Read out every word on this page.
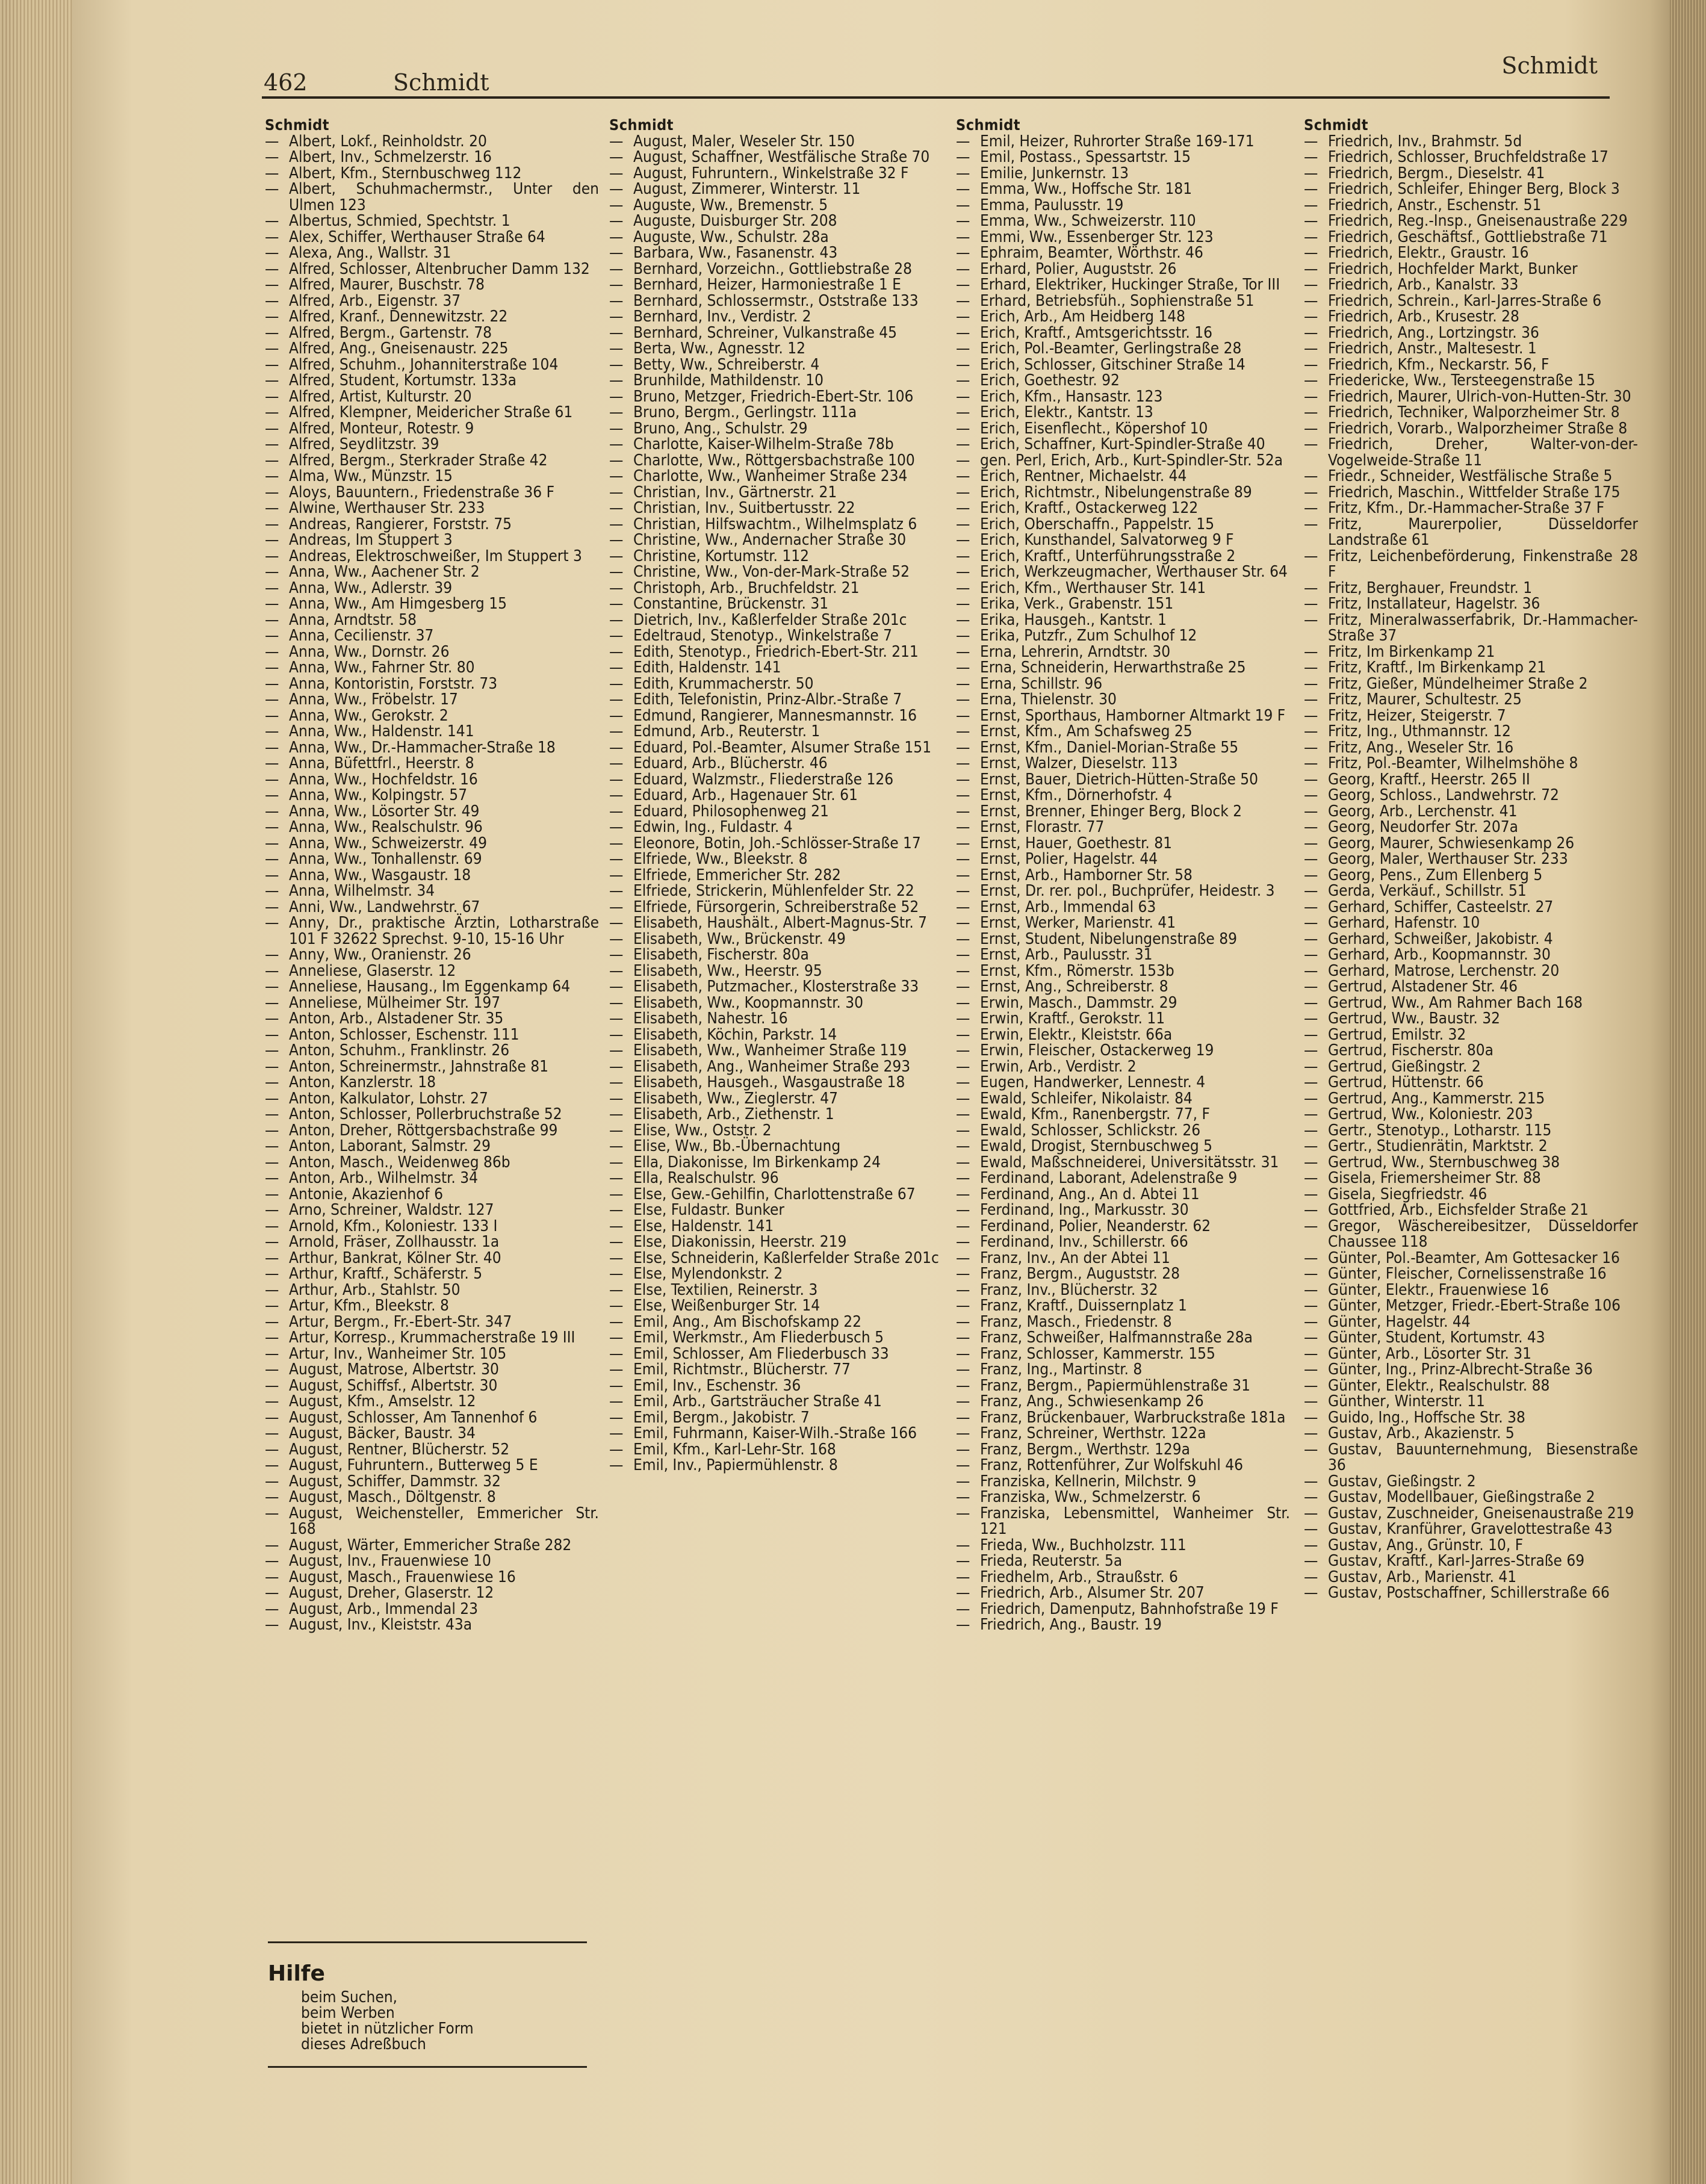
462	Schmidt
Schmidt
Schmidt
— Albert, Lokf., Reinholdstr. 20
— Albert, Inv., Schmelzerstr. 16
— Albert, Kfm., Sternbuschweg 112
— Albert, Schuhmachermstr., Unter den Ulmen 123
— Albertus, Schmied, Spechtstr. 1
— Alex, Schiffer, Werthauser Straße 64
— Alexa, Ang., Wallstr. 31
— Alfred, Schlosser, Altenbrucher Damm 132
— Alfred, Maurer, Buschstr. 78
— Alfred, Arb., Eigenstr. 37
— Alfred, Kranf., Dennewitzstr. 22
— Alfred, Bergm., Gartenstr. 78
— Alfred, Ang., Gneisenaustr. 225
— Alfred, Schuhm., Johanniterstraße 104
— Alfred, Student, Kortumstr. 133a
— Alfred, Artist, Kulturstr. 20
— Alfred, Klempner, Meidericher Straße 61
— Alfred, Monteur, Rotestr. 9
— Alfred, Seydlitzstr. 39
— Alfred, Bergm., Sterkrader Straße 42
— Alma, Ww., Münzstr. 15
— Aloys, Bauuntern., Friedenstraße 36 F
— Alwine, Werthauser Str. 233
— Andreas, Rangierer, Forststr. 75
— Andreas, Im Stuppert 3
— Andreas, Elektroschweißer, Im Stuppert 3
— Anna, Ww., Aachener Str. 2
— Anna, Ww., Adlerstr. 39
— Anna, Ww., Am Himgesberg 15
— Anna, Arndtstr. 58
— Anna, Cecilienstr. 37
— Anna, Ww., Dornstr. 26
— Anna, Ww., Fahrner Str. 80
— Anna, Kontoristin, Forststr. 73
— Anna, Ww., Fröbelstr. 17
— Anna, Ww., Gerokstr. 2
— Anna, Ww., Haldenstr. 141
— Anna, Ww., Dr.-Hammacher-Straße 18
— Anna, Büfettfrl., Heerstr. 8
— Anna, Ww., Hochfeldstr. 16
— Anna, Ww., Kolpingstr. 57
— Anna, Ww., Lösorter Str. 49
— Anna, Ww., Realschulstr. 96
— Anna, Ww., Schweizerstr. 49
— Anna, Ww., Tonhallenstr. 69
— Anna, Ww., Wasgaustr. 18
— Anna, Wilhelmstr. 34
— Anni, Ww., Landwehrstr. 67
— Anny, Dr., praktische Ärztin, Lotharstraße 101 F 32622 Sprechst. 9-10, 15-16 Uhr
— Anny, Ww., Oranienstr. 26
— Anneliese, Glaserstr. 12
— Anneliese, Hausang., Im Eggenkamp 64
— Anneliese, Mülheimer Str. 197
— Anton, Arb., Alstadener Str. 35
— Anton, Schlosser, Eschenstr. 111
— Anton, Schuhm., Franklinstr. 26
— Anton, Schreinermstr., Jahnstraße 81
— Anton, Kanzlerstr. 18
— Anton, Kalkulator, Lohstr. 27
— Anton, Schlosser, Pollerbruchstraße 52
— Anton, Dreher, Röttgersbachstraße 99
— Anton, Laborant, Salmstr. 29
— Anton, Masch., Weidenweg 86b
— Anton, Arb., Wilhelmstr. 34
— Antonie, Akazienhof 6
— Arno, Schreiner, Waldstr. 127
— Arnold, Kfm., Koloniestr. 133 I
— Arnold, Fräser, Zollhausstr. 1a
— Arthur, Bankrat, Kölner Str. 40
— Arthur, Kraftf., Schäferstr. 5
— Arthur, Arb., Stahlstr. 50
— Artur, Kfm., Bleekstr. 8
— Artur, Bergm., Fr.-Ebert-Str. 347
— Artur, Korresp., Krummacherstraße 19 III
— Artur, Inv., Wanheimer Str. 105
— August, Matrose, Albertstr. 30
— August, Schiffsf., Albertstr. 30
— August, Kfm., Amselstr. 12
— August, Schlosser, Am Tannenhof 6
— August, Bäcker, Baustr. 34
— August, Rentner, Blücherstr. 52
— August, Fuhruntern., Butterweg 5 E
— August, Schiffer, Dammstr. 32
— August, Masch., Döltgenstr. 8
— August, Weichensteller, Emmericher Str. 168
— August, Wärter, Emmericher Straße 282
— August, Inv., Frauenwiese 10
— August, Masch., Frauenwiese 16
— August, Dreher, Glaserstr. 12
— August, Arb., Immendal 23
— August, Inv., Kleiststr. 43a
Schmidt
— August, Maler, Weseler Str. 150
— August, Schaffner, Westfälische Straße 70
— August, Fuhruntern., Winkelstraße 32 F
— August, Zimmerer, Winterstr. 11
— Auguste, Ww., Bremenstr. 5
— Auguste, Duisburger Str. 208
— Auguste, Ww., Schulstr. 28a
— Barbara, Ww., Fasanenstr. 43
— Bernhard, Vorzeichn., Gottliebstraße 28
— Bernhard, Heizer, Harmoniestraße 1 E
— Bernhard, Schlossermstr., Oststraße 133
— Bernhard, Inv., Verdistr. 2
— Bernhard, Schreiner, Vulkanstraße 45
— Berta, Ww., Agnesstr. 12
— Betty, Ww., Schreiberstr. 4
— Brunhilde, Mathildenstr. 10
— Bruno, Metzger, Friedrich-Ebert-Str. 106
— Bruno, Bergm., Gerlingstr. 111a
— Bruno, Ang., Schulstr. 29
— Charlotte, Kaiser-Wilhelm-Straße 78b
— Charlotte, Ww., Röttgersbachstraße 100
— Charlotte, Ww., Wanheimer Straße 234
— Christian, Inv., Gärtnerstr. 21
— Christian, Inv., Suitbertusstr. 22
— Christian, Hilfswachtm., Wilhelmsplatz 6
— Christine, Ww., Andernacher Straße 30
— Christine, Kortumstr. 112
— Christine, Ww., Von-der-Mark-Straße 52
— Christoph, Arb., Bruchfeldstr. 21
— Constantine, Brückenstr. 31
— Dietrich, Inv., Kaßlerfelder Straße 201c
— Edeltraud, Stenotyp., Winkelstraße 7
— Edith, Stenotyp., Friedrich-Ebert-Str. 211
— Edith, Haldenstr. 141
— Edith, Krummacherstr. 50
— Edith, Telefonistin, Prinz-Albr.-Straße 7
— Edmund, Rangierer, Mannesmannstr. 16
— Edmund, Arb., Reuterstr. 1
— Eduard, Pol.-Beamter, Alsumer Straße 151
— Eduard, Arb., Blücherstr. 46
— Eduard, Walzmstr., Fliederstraße 126
— Eduard, Arb., Hagenauer Str. 61
— Eduard, Philosophenweg 21
— Edwin, Ing., Fuldastr. 4
— Eleonore, Botin, Joh.-Schlösser-Straße 17
— Elfriede, Ww., Bleekstr. 8
— Elfriede, Emmericher Str. 282
— Elfriede, Strickerin, Mühlenfelder Str. 22
— Elfriede, Fürsorgerin, Schreiberstraße 52
— Elisabeth, Haushält., Albert-Magnus-Str. 7
— Elisabeth, Ww., Brückenstr. 49
— Elisabeth, Fischerstr. 80a
— Elisabeth, Ww., Heerstr. 95
— Elisabeth, Putzmacher., Klosterstraße 33
— Elisabeth, Ww., Koopmannstr. 30
— Elisabeth, Nahestr. 16
— Elisabeth, Köchin, Parkstr. 14
— Elisabeth, Ww., Wanheimer Straße 119
— Elisabeth, Ang., Wanheimer Straße 293
— Elisabeth, Hausgeh., Wasgaustraße 18
— Elisabeth, Ww., Zieglerstr. 47
— Elisabeth, Arb., Ziethenstr. 1
— Elise, Ww., Oststr. 2
— Elise, Ww., Bb.-Übernachtung
— Ella, Diakonisse, Im Birkenkamp 24
— Ella, Realschulstr. 96
— Else, Gew.-Gehilfin, Charlottenstraße 67
— Else, Fuldastr. Bunker
— Else, Haldenstr. 141
— Else, Diakonissin, Heerstr. 219
— Else, Schneiderin, Kaßlerfelder Straße 201c
— Else, Mylendonkstr. 2
— Else, Textilien, Reinerstr. 3
— Else, Weißenburger Str. 14
— Emil, Ang., Am Bischofskamp 22
— Emil, Werkmstr., Am Fliederbusch 5
— Emil, Schlosser, Am Fliederbusch 33
— Emil, Richtmstr., Blücherstr. 77
— Emil, Inv., Eschenstr. 36
— Emil, Arb., Gartsträucher Straße 41
— Emil, Bergm., Jakobistr. 7
— Emil, Fuhrmann, Kaiser-Wilh.-Straße 166
— Emil, Kfm., Karl-Lehr-Str. 168
— Emil, Inv., Papiermühlenstr. 8
Schmidt
— Emil, Heizer, Ruhrorter Straße 169-171
— Emil, Postass., Spessartstr. 15
— Emilie, Junkernstr. 13
— Emma, Ww., Hoffsche Str. 181
— Emma, Paulusstr. 19
— Emma, Ww., Schweizerstr. 110
— Emmi, Ww., Essenberger Str. 123
— Ephraim, Beamter, Wörthstr. 46
— Erhard, Polier, Auguststr. 26
— Erhard, Elektriker, Huckinger Straße, Tor III
— Erhard, Betriebsfüh., Sophienstraße 51
— Erich, Arb., Am Heidberg 148
— Erich, Kraftf., Amtsgerichtsstr. 16
— Erich, Pol.-Beamter, Gerlingstraße 28
— Erich, Schlosser, Gitschiner Straße 14
— Erich, Goethestr. 92
— Erich, Kfm., Hansastr. 123
— Erich, Elektr., Kantstr. 13
— Erich, Eisenflecht., Köpershof 10
— Erich, Schaffner, Kurt-Spindler-Straße 40
— gen. Perl, Erich, Arb., Kurt-Spindler-Str. 52a
— Erich, Rentner, Michaelstr. 44
— Erich, Richtmstr., Nibelungenstraße 89
— Erich, Kraftf., Ostackerweg 122
— Erich, Oberschaffn., Pappelstr. 15
— Erich, Kunsthandel, Salvatorweg 9 F
— Erich, Kraftf., Unterführungsstraße 2
— Erich, Werkzeugmacher, Werthauser Str. 64
— Erich, Kfm., Werthauser Str. 141
— Erika, Verk., Grabenstr. 151
— Erika, Hausgeh., Kantstr. 1
— Erika, Putzfr., Zum Schulhof 12
— Erna, Lehrerin, Arndtstr. 30
— Erna, Schneiderin, Herwarthstraße 25
— Erna, Schillstr. 96
— Erna, Thielenstr. 30
— Ernst, Sporthaus, Hamborner Altmarkt 19 F
— Ernst, Kfm., Am Schafsweg 25
— Ernst, Kfm., Daniel-Morian-Straße 55
— Ernst, Walzer, Dieselstr. 113
— Ernst, Bauer, Dietrich-Hütten-Straße 50
— Ernst, Kfm., Dörnerhofstr. 4
— Ernst, Brenner, Ehinger Berg, Block 2
— Ernst, Florastr. 77
— Ernst, Hauer, Goethestr. 81
— Ernst, Polier, Hagelstr. 44
— Ernst, Arb., Hamborner Str. 58
— Ernst, Dr. rer. pol., Buchprüfer, Heidestr. 3
— Ernst, Arb., Immendal 63
— Ernst, Werker, Marienstr. 41
— Ernst, Student, Nibelungenstraße 89
— Ernst, Arb., Paulusstr. 31
— Ernst, Kfm., Römerstr. 153b
— Ernst, Ang., Schreiberstr. 8
— Erwin, Masch., Dammstr. 29
— Erwin, Kraftf., Gerokstr. 11
— Erwin, Elektr., Kleiststr. 66a
— Erwin, Fleischer, Ostackerweg 19
— Erwin, Arb., Verdistr. 2
— Eugen, Handwerker, Lennestr. 4
— Ewald, Schleifer, Nikolaistr. 84
— Ewald, Kfm., Ranenbergstr. 77, F
— Ewald, Schlosser, Schlickstr. 26
— Ewald, Drogist, Sternbuschweg 5
— Ewald, Maßschneiderei, Universitätsstr. 31
— Ferdinand, Laborant, Adelenstraße 9
— Ferdinand, Ang., An d. Abtei 11
— Ferdinand, Ing., Markusstr. 30
— Ferdinand, Polier, Neanderstr. 62
— Ferdinand, Inv., Schillerstr. 66
— Franz, Inv., An der Abtei 11
— Franz, Bergm., Auguststr. 28
— Franz, Inv., Blücherstr. 32
— Franz, Kraftf., Duissernplatz 1
— Franz, Masch., Friedenstr. 8
— Franz, Schweißer, Halfmannstraße 28a
— Franz, Schlosser, Kammerstr. 155
— Franz, Ing., Martinstr. 8
— Franz, Bergm., Papiermühlenstraße 31
— Franz, Ang., Schwiesenkamp 26
— Franz, Brückenbauer, Warbruckstraße 181a
— Franz, Schreiner, Werthstr. 122a
— Franz, Bergm., Werthstr. 129a
— Franz, Rottenführer, Zur Wolfskuhl 46
— Franziska, Kellnerin, Milchstr. 9
— Franziska, Ww., Schmelzerstr. 6
— Franziska, Lebensmittel, Wanheimer Str. 121
— Frieda, Ww., Buchholzstr. 111
— Frieda, Reuterstr. 5a
— Friedhelm, Arb., Straußstr. 6
— Friedrich, Arb., Alsumer Str. 207
— Friedrich, Damenputz, Bahnhofstraße 19 F
— Friedrich, Ang., Baustr. 19
Schmidt
— Friedrich, Inv., Brahmstr. 5d
— Friedrich, Schlosser, Bruchfeldstraße 17
— Friedrich, Bergm., Dieselstr. 41
— Friedrich, Schleifer, Ehinger Berg, Block 3
— Friedrich, Anstr., Eschenstr. 51
— Friedrich, Reg.-Insp., Gneisenaustraße 229
— Friedrich, Geschäftsf., Gottliebstraße 71
— Friedrich, Elektr., Graustr. 16
— Friedrich, Hochfelder Markt, Bunker
— Friedrich, Arb., Kanalstr. 33
— Friedrich, Schrein., Karl-Jarres-Straße 6
— Friedrich, Arb., Krusestr. 28
— Friedrich, Ang., Lortzingstr. 36
— Friedrich, Anstr., Maltesestr. 1
— Friedrich, Kfm., Neckarstr. 56, F
— Friedericke, Ww., Tersteegenstraße 15
— Friedrich, Maurer, Ulrich-von-Hutten-Str. 30
— Friedrich, Techniker, Walporzheimer Str. 8
— Friedrich, Vorarb., Walporzheimer Straße 8
— Friedrich, Dreher, Walter-von-der-Vogelweide-Straße 11
— Friedr., Schneider, Westfälische Straße 5
— Friedrich, Maschin., Wittfelder Straße 175
— Fritz, Kfm., Dr.-Hammacher-Straße 37 F
— Fritz, Maurerpolier, Düsseldorfer Landstraße 61
— Fritz, Leichenbeförderung, Finkenstraße 28 F
— Fritz, Berghauer, Freundstr. 1
— Fritz, Installateur, Hagelstr. 36
— Fritz, Mineralwasserfabrik, Dr.-Hammacher-Straße 37
— Fritz, Im Birkenkamp 21
— Fritz, Kraftf., Im Birkenkamp 21
— Fritz, Gießer, Mündelheimer Straße 2
— Fritz, Maurer, Schultestr. 25
— Fritz, Heizer, Steigerstr. 7
— Fritz, Ing., Uthmannstr. 12
— Fritz, Ang., Weseler Str. 16
— Fritz, Pol.-Beamter, Wilhelmshöhe 8
— Georg, Kraftf., Heerstr. 265 II
— Georg, Schloss., Landwehrstr. 72
— Georg, Arb., Lerchenstr. 41
— Georg, Neudorfer Str. 207a
— Georg, Maurer, Schwiesenkamp 26
— Georg, Maler, Werthauser Str. 233
— Georg, Pens., Zum Ellenberg 5
— Gerda, Verkäuf., Schillstr. 51
— Gerhard, Schiffer, Casteelstr. 27
— Gerhard, Hafenstr. 10
— Gerhard, Schweißer, Jakobistr. 4
— Gerhard, Arb., Koopmannstr. 30
— Gerhard, Matrose, Lerchenstr. 20
— Gertrud, Alstadener Str. 46
— Gertrud, Ww., Am Rahmer Bach 168
— Gertrud, Ww., Baustr. 32
— Gertrud, Emilstr. 32
— Gertrud, Fischerstr. 80a
— Gertrud, Gießingstr. 2
— Gertrud, Hüttenstr. 66
— Gertrud, Ang., Kammerstr. 215
— Gertrud, Ww., Koloniestr. 203
— Gertr., Stenotyp., Lotharstr. 115
— Gertr., Studienrätin, Marktstr. 2
— Gertrud, Ww., Sternbuschweg 38
— Gisela, Friemersheimer Str. 88
— Gisela, Siegfriedstr. 46
— Gottfried, Arb., Eichsfelder Straße 21
— Gregor, Wäschereibesitzer, Düsseldorfer Chaussee 118
— Günter, Pol.-Beamter, Am Gottesacker 16
— Günter, Fleischer, Cornelissenstraße 16
— Günter, Elektr., Frauenwiese 16
— Günter, Metzger, Friedr.-Ebert-Straße 106
— Günter, Hagelstr. 44
— Günter, Student, Kortumstr. 43
— Günter, Arb., Lösorter Str. 31
— Günter, Ing., Prinz-Albrecht-Straße 36
— Günter, Elektr., Realschulstr. 88
— Günther, Winterstr. 11
— Guido, Ing., Hoffsche Str. 38
— Gustav, Arb., Akazienstr. 5
— Gustav, Bauunternehmung, Biesenstraße 36
— Gustav, Gießingstr. 2
— Gustav, Modellbauer, Gießingstraße 2
— Gustav, Zuschneider, Gneisenaustraße 219
— Gustav, Kranführer, Gravelottestraße 43
— Gustav, Ang., Grünstr. 10, F
— Gustav, Kraftf., Karl-Jarres-Straße 69
— Gustav, Arb., Marienstr. 41
— Gustav, Postschaffner, Schillerstraße 66
Hilfe
beim Suchen,
beim Werben
bietet in nützlicher Form
dieses Adreßbuch
